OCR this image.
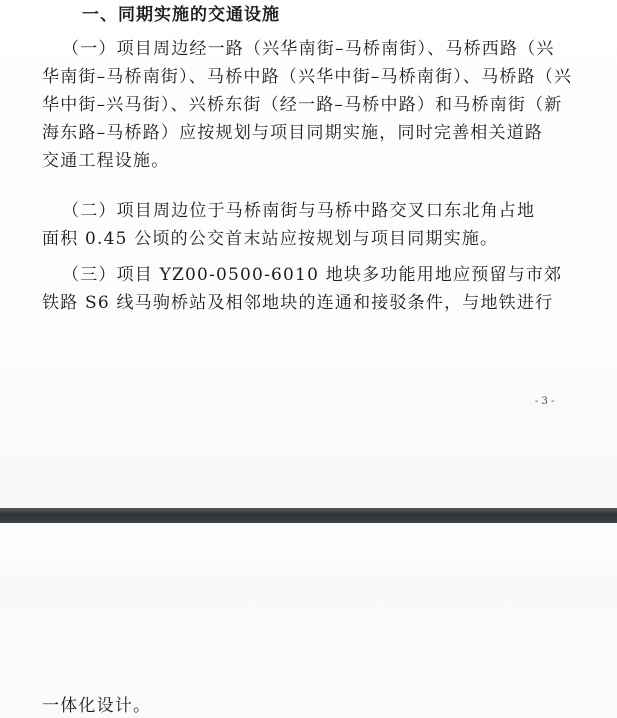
一、同期实施的交通设施
（一）项目周边经一路（兴华南街–马桥南街）、马桥西路（兴
华南街–马桥南街）、马桥中路（兴华中街–马桥南街）、马桥路（兴
华中街–兴马街）、兴桥东街（经一路–马桥中路）和马桥南街（新
海东路–马桥路）应按规划与项目同期实施，同时完善相关道路
交通工程设施。
（二）项目周边位于马桥南街与马桥中路交叉口东北角占地
面积 0.45 公顷的公交首末站应按规划与项目同期实施。
（三）项目 YZ00-0500-6010 地块多功能用地应预留与市郊
铁路 S6 线马驹桥站及相邻地块的连通和接驳条件，与地铁进行
- 3 -
一体化设计。
